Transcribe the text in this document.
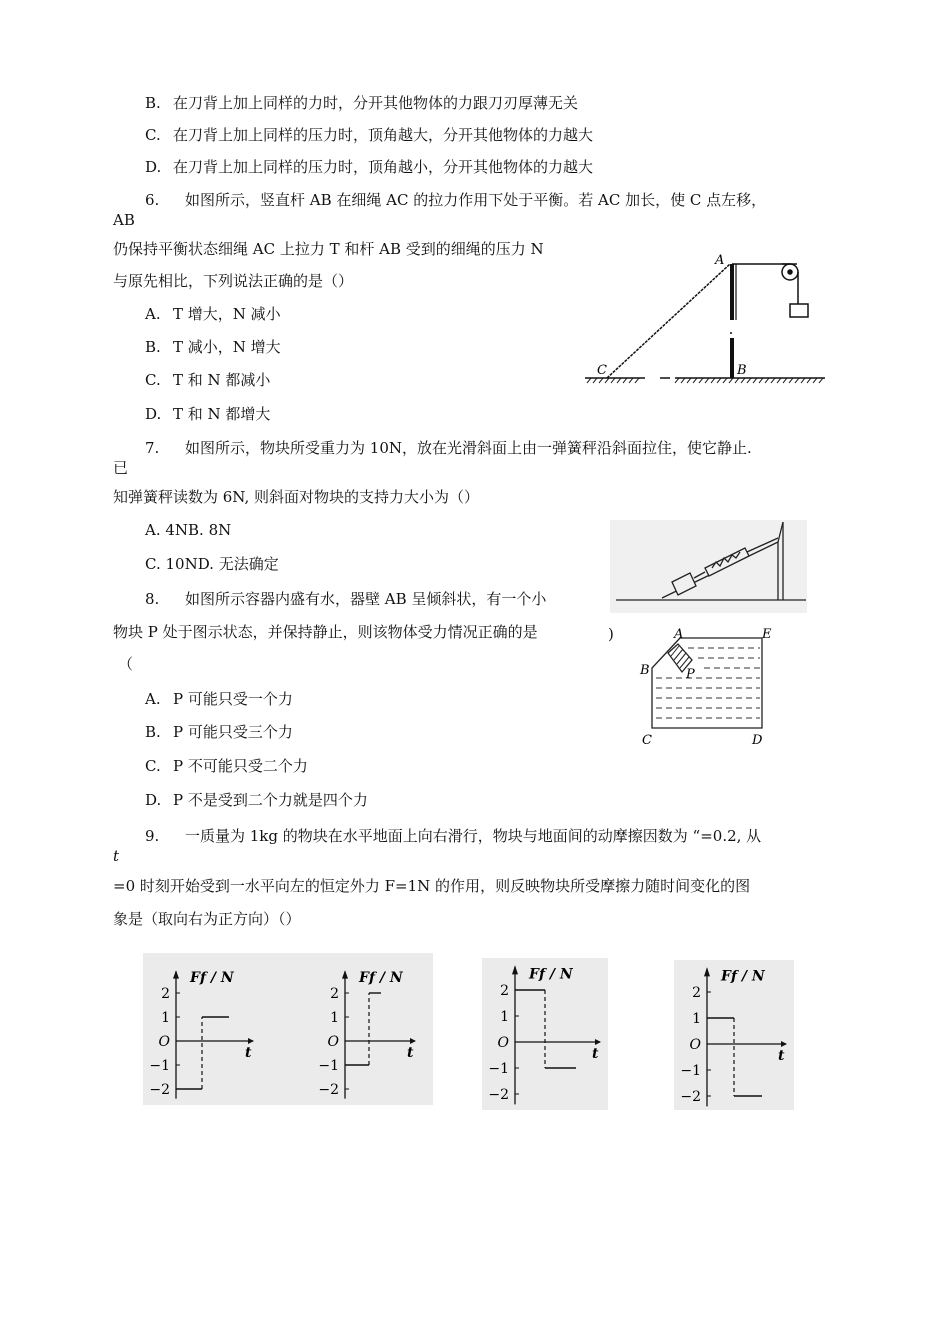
B. 在刀背上加上同样的力时，分开其他物体的力跟刀刃厚薄无关
C. 在刀背上加上同样的压力时，顶角越大，分开其他物体的力越大
D. 在刀背上加上同样的压力时，顶角越小，分开其他物体的力越大
6. 如图所示，竖直杆 AB 在细绳 AC 的拉力作用下处于平衡。若 AC 加长，使 C 点左移，
AB
仍保持平衡状态细绳 AC 上拉力 T 和杆 AB 受到的细绳的压力 N
与原先相比，下列说法正确的是（）
A. T 增大，N 减小
B. T 减小，N 增大
C. T 和 N 都减小
D. T 和 N 都增大
A
B
C
7. 如图所示，物块所受重力为 10N，放在光滑斜面上由一弹簧秤沿斜面拉住，使它静止.
已
知弹簧秤读数为 6N, 则斜面对物块的支持力大小为（）
A. 4NB. 8N
C. 10ND. 无法确定
8. 如图所示容器内盛有水，器壁 AB 呈倾斜状，有一个小
物块 P 处于图示状态，并保持静止，则该物体受力情况正确的是	)
（
A. P 可能只受一个力
B. P 可能只受三个力
C. P 不可能只受二个力
D. P 不是受到二个力就是四个力
A
B
C	D
E
P
9. 一质量为 1kg 的物块在水平地面上向右滑行，物块与地面间的动摩擦因数为 “=0.2, 从
t
=0 时刻开始受到一水平向左的恒定外力 F=1N 的作用，则反映物块所受摩擦力随时间变化的图
象是（取向右为正方向）（）
2
1
O
−1
−2
Ff / N
t
2
1
O
−1
−2
Ff / N
t
2
1
O
−1
−2
Ff / N
t
2
1
O
−1
−2
Ff / N
t
